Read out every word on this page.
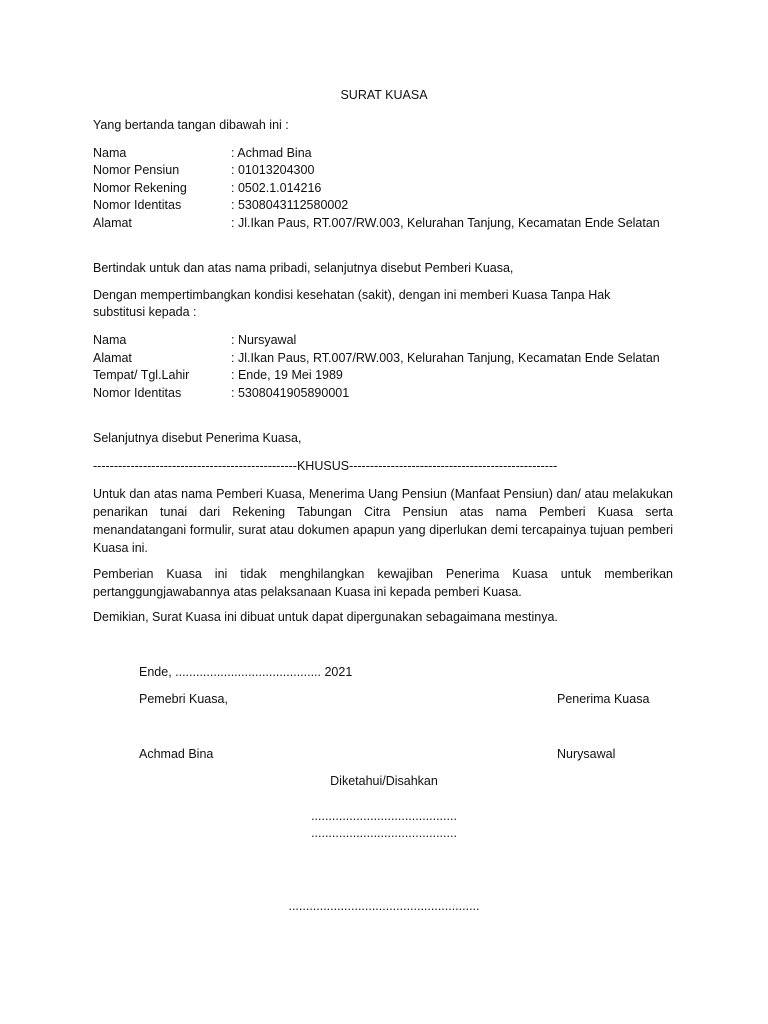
SURAT KUASA
Yang bertanda tangan dibawah ini :
Nama	: Achmad Bina
Nomor Pensiun	: 01013204300
Nomor Rekening	: 0502.1.014216
Nomor Identitas	: 5308043112580002
Alamat	: Jl.Ikan Paus, RT.007/RW.003, Kelurahan Tanjung, Kecamatan Ende Selatan
Bertindak untuk dan atas nama pribadi, selanjutnya disebut Pemberi Kuasa,
Dengan mempertimbangkan kondisi kesehatan (sakit), dengan ini memberi Kuasa Tanpa Hak
substitusi kepada :
Nama	: Nursyawal
Alamat	: Jl.Ikan Paus, RT.007/RW.003, Kelurahan Tanjung, Kecamatan Ende Selatan
Tempat/ Tgl.Lahir	: Ende, 19 Mei 1989
Nomor Identitas	: 5308041905890001
Selanjutnya disebut Penerima Kuasa,
-------------------------------------------------KHUSUS--------------------------------------------------
Untuk dan atas nama Pemberi Kuasa, Menerima Uang Pensiun (Manfaat Pensiun) dan/ atau melakukan penarikan tunai dari Rekening Tabungan Citra Pensiun atas nama Pemberi Kuasa serta menandatangani formulir, surat atau dokumen apapun yang diperlukan demi tercapainya tujuan pemberi Kuasa ini.
Pemberian Kuasa ini tidak menghilangkan kewajiban Penerima Kuasa untuk memberikan pertanggungjawabannya atas pelaksanaan Kuasa ini kepada pemberi Kuasa.
Demikian, Surat Kuasa ini dibuat untuk dapat dipergunakan sebagaimana mestinya.
Ende, .......................................... 2021
Pemebri Kuasa,	Penerima Kuasa
Achmad Bina	Nurysawal
Diketahui/Disahkan
..........................................
..........................................
.......................................................
